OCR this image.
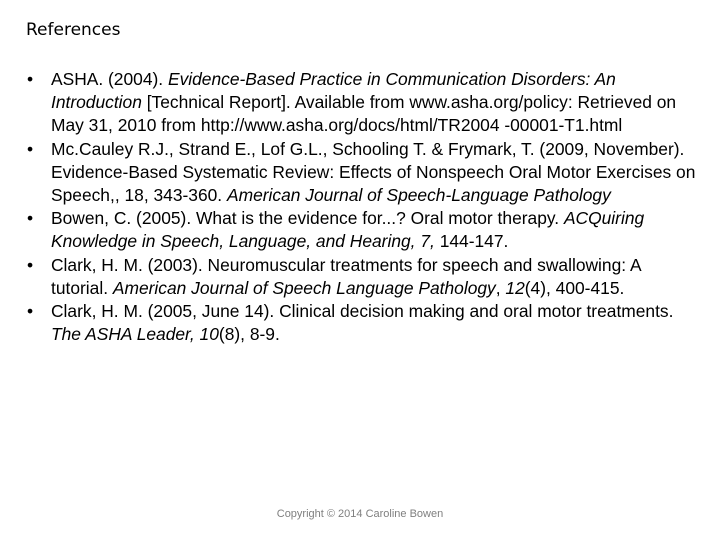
References
• ASHA. (2004). Evidence-Based Practice in Communication Disorders: An Introduction [Technical Report]. Available from www.asha.org/policy: Retrieved on May 31, 2010 from http://www.asha.org/docs/html/TR2004 -00001-T1.html
• Mc.Cauley R.J., Strand E., Lof G.L., Schooling T. & Frymark, T. (2009, November). Evidence-Based Systematic Review: Effects of Nonspeech Oral Motor Exercises on Speech,, 18, 343-360. American Journal of Speech-Language Pathology
• Bowen, C. (2005). What is the evidence for...? Oral motor therapy. ACQuiring Knowledge in Speech, Language, and Hearing, 7, 144-147.
• Clark, H. M. (2003). Neuromuscular treatments for speech and swallowing: A tutorial. American Journal of Speech Language Pathology, 12(4), 400-415.
• Clark, H. M. (2005, June 14). Clinical decision making and oral motor treatments. The ASHA Leader, 10(8), 8-9.
Copyright © 2014 Caroline Bowen
